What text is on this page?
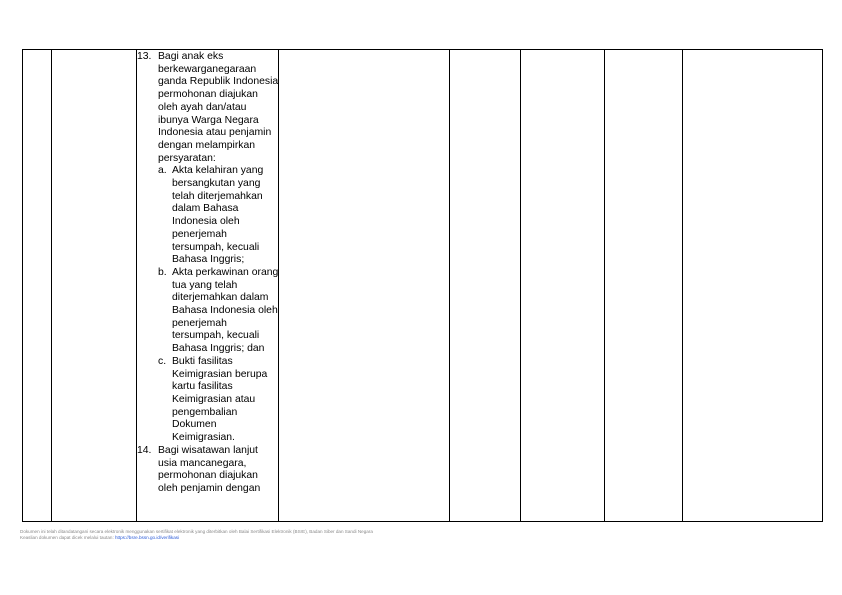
13. Bagi anak eks berkewarganegaraan ganda Republik Indonesia permohonan diajukan oleh ayah dan/atau ibunya Warga Negara Indonesia atau penjamin dengan melampirkan persyaratan:
a. Akta kelahiran yang bersangkutan yang telah diterjemahkan dalam Bahasa Indonesia oleh penerjemah tersumpah, kecuali Bahasa Inggris;
b. Akta perkawinan orang tua yang telah diterjemahkan dalam Bahasa Indonesia oleh penerjemah tersumpah, kecuali Bahasa Inggris; dan
c. Bukti fasilitas Keimigrasian berupa kartu fasilitas Keimigrasian atau pengembalian Dokumen Keimigrasian.
14. Bagi wisatawan lanjut usia mancanegara, permohonan diajukan oleh penjamin dengan
Dokumen ini telah ditandatangani secara elektronik menggunakan sertifikat elektronik yang diterbitkan oleh Balai Sertifikasi Elektronik (BSrE), Badan Siber dan Sandi Negara
Keaslian dokumen dapat dicek melalui tautan: https://bsre.bssn.go.id/verifikasi
